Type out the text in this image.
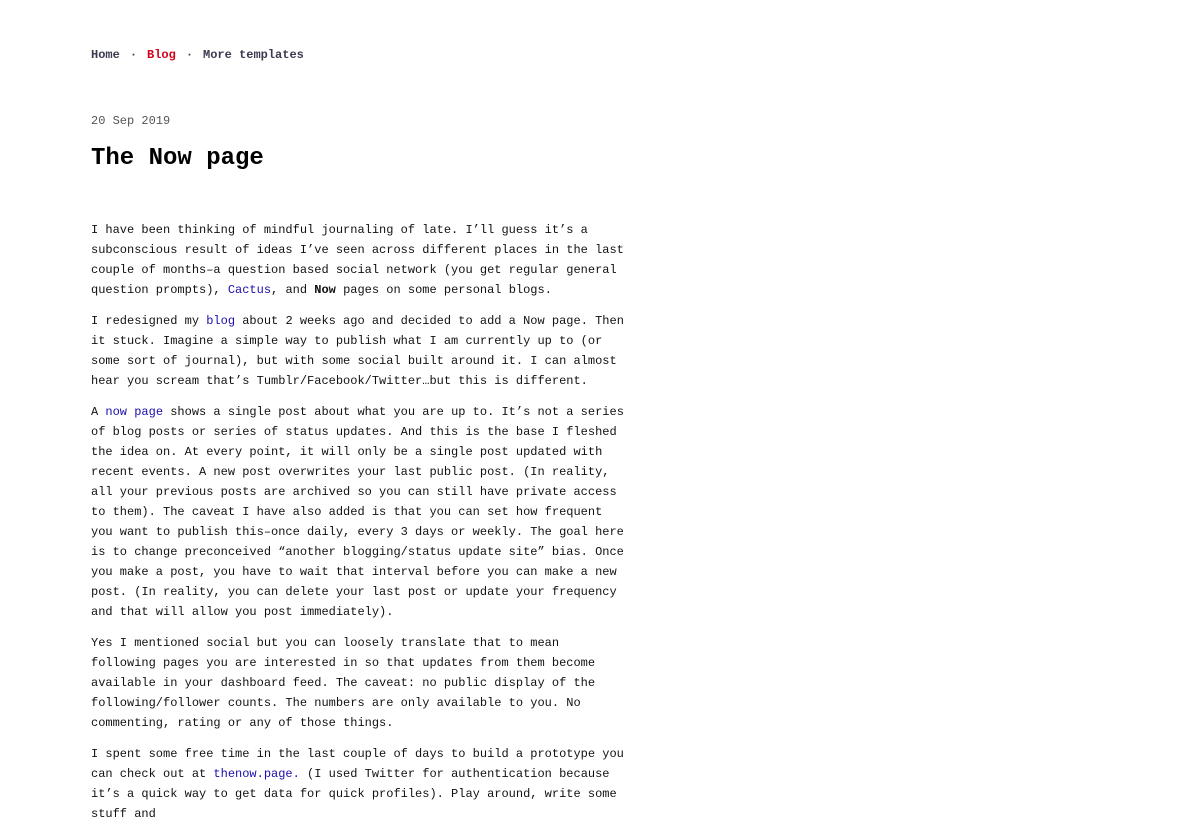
Home · Blog · More templates
20 Sep 2019
The Now page

I have been thinking of mindful journaling of late. I’ll guess it’s a subconscious result of ideas I’ve seen across different places in the last couple of months–a question based social network (you get regular general question prompts), Cactus, and Now pages on some personal blogs.

I redesigned my blog about 2 weeks ago and decided to add a Now page. Then it stuck. Imagine a simple way to publish what I am currently up to (or some sort of journal), but with some social built around it. I can almost hear you scream that’s Tumblr/Facebook/Twitter…but this is different.

A now page shows a single post about what you are up to. It’s not a series of blog posts or series of status updates. And this is the base I fleshed the idea on. At every point, it will only be a single post updated with recent events. A new post overwrites your last public post. (In reality, all your previous posts are archived so you can still have private access to them). The caveat I have also added is that you can set how frequent you want to publish this–once daily, every 3 days or weekly. The goal here is to change preconceived “another blogging/status update site” bias. Once you make a post, you have to wait that interval before you can make a new post. (In reality, you can delete your last post or update your frequency and that will allow you post immediately).

Yes I mentioned social but you can loosely translate that to mean following pages you are interested in so that updates from them become available in your dashboard feed. The caveat: no public display of the following/follower counts. The numbers are only available to you. No commenting, rating or any of those things.

I spent some free time in the last couple of days to build a prototype you can check out at thenow.page. (I used Twitter for authentication because it’s a quick way to get data for quick profiles). Play around, write some stuff and
